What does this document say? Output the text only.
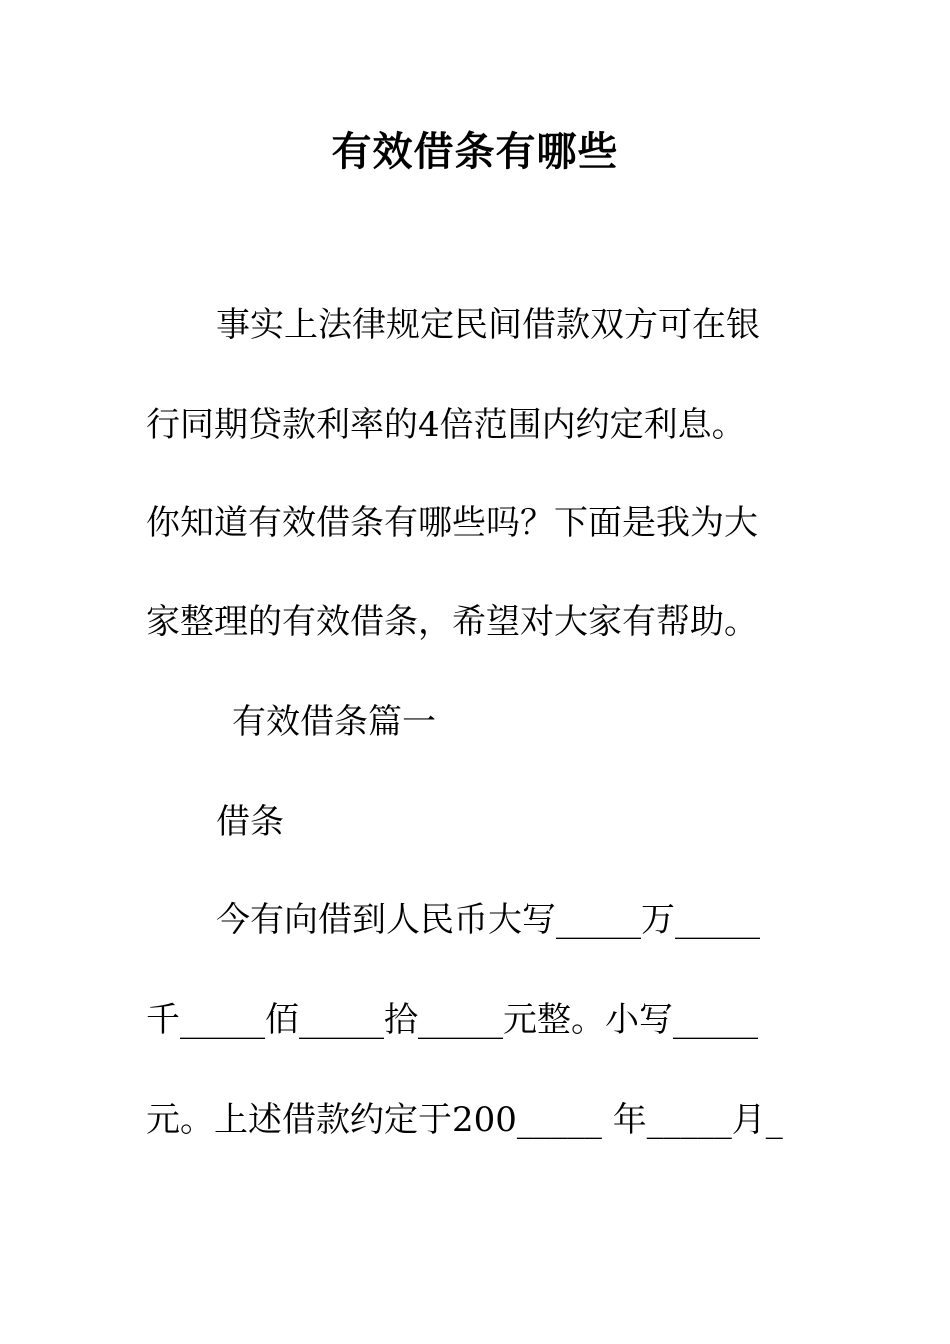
有效借条有哪些
事实上法律规定民间借款双方可在银
行同期贷款利率的4倍范围内约定利息。
你知道有效借条有哪些吗？下面是我为大
家整理的有效借条，希望对大家有帮助。
有效借条篇一
借条
今有向借到人民币大写_____万_____
千_____佰_____拾_____元整。小写_____
元。上述借款约定于200_____ 年_____月_
